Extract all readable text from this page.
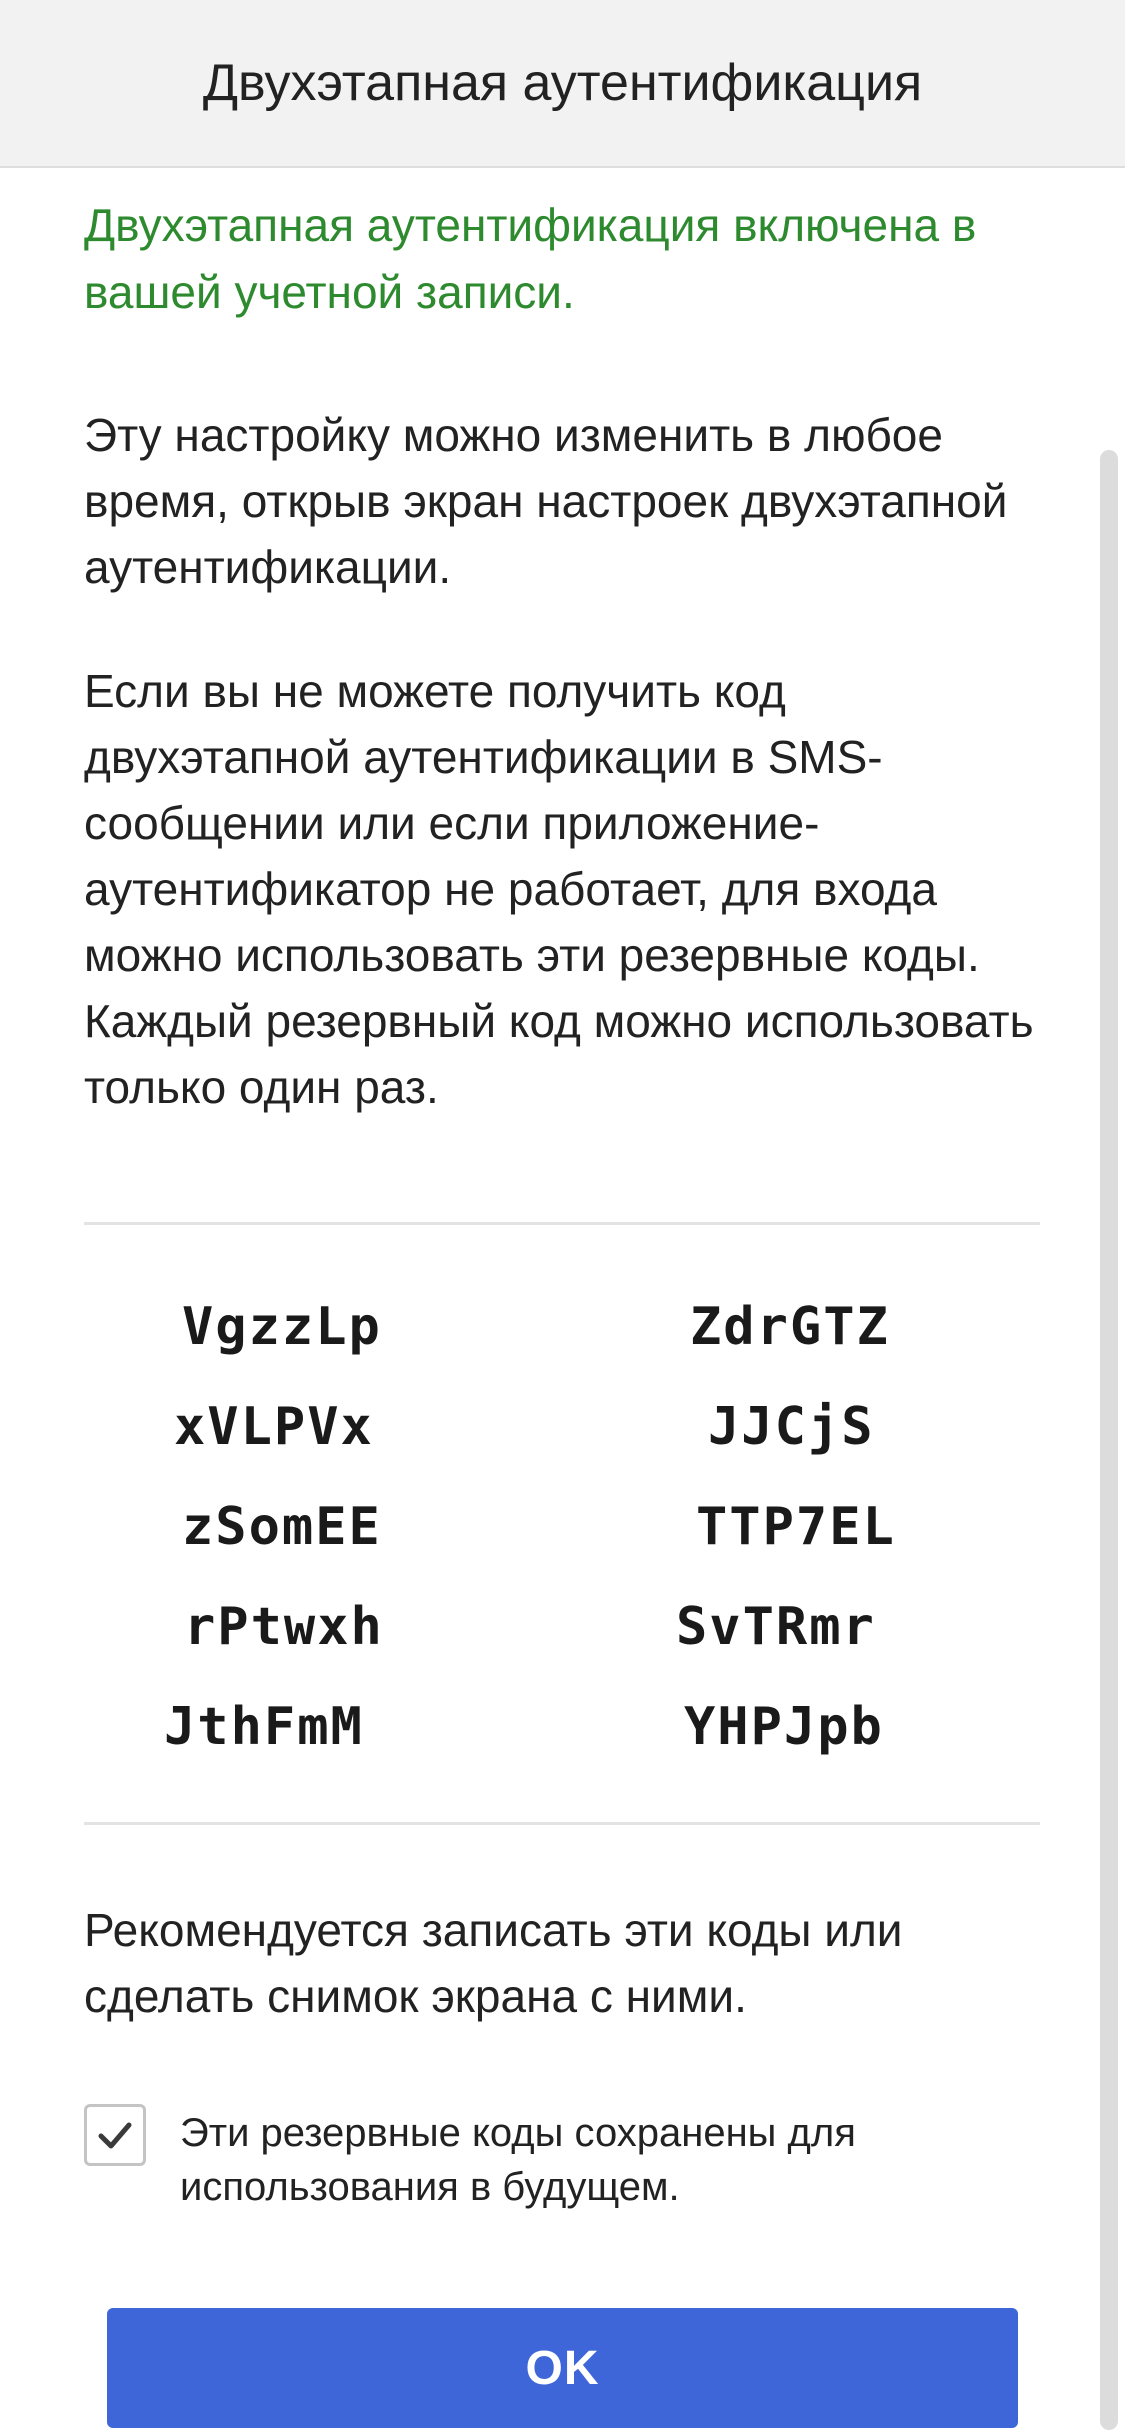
Двухэтапная аутентификация

Двухэтапная аутентификация включена в вашей учетной записи.

Эту настройку можно изменить в любое время, открыв экран настроек двухэтапной аутентификации.

Если вы не можете получить код двухэтапной аутентификации в SMS-сообщении или если приложение-аутентификатор не работает, для входа можно использовать эти резервные коды. Каждый резервный код можно использовать только один раз.

VgzzLp	ZdrGTZ
xVLPVx	JJCjS
zSomEE	TTP7EL
rPtwxh	SvTRmr
JthFmM	YHPJpb

Рекомендуется записать эти коды или сделать снимок экрана с ними.

Эти резервные коды сохранены для использования в будущем.
OK
